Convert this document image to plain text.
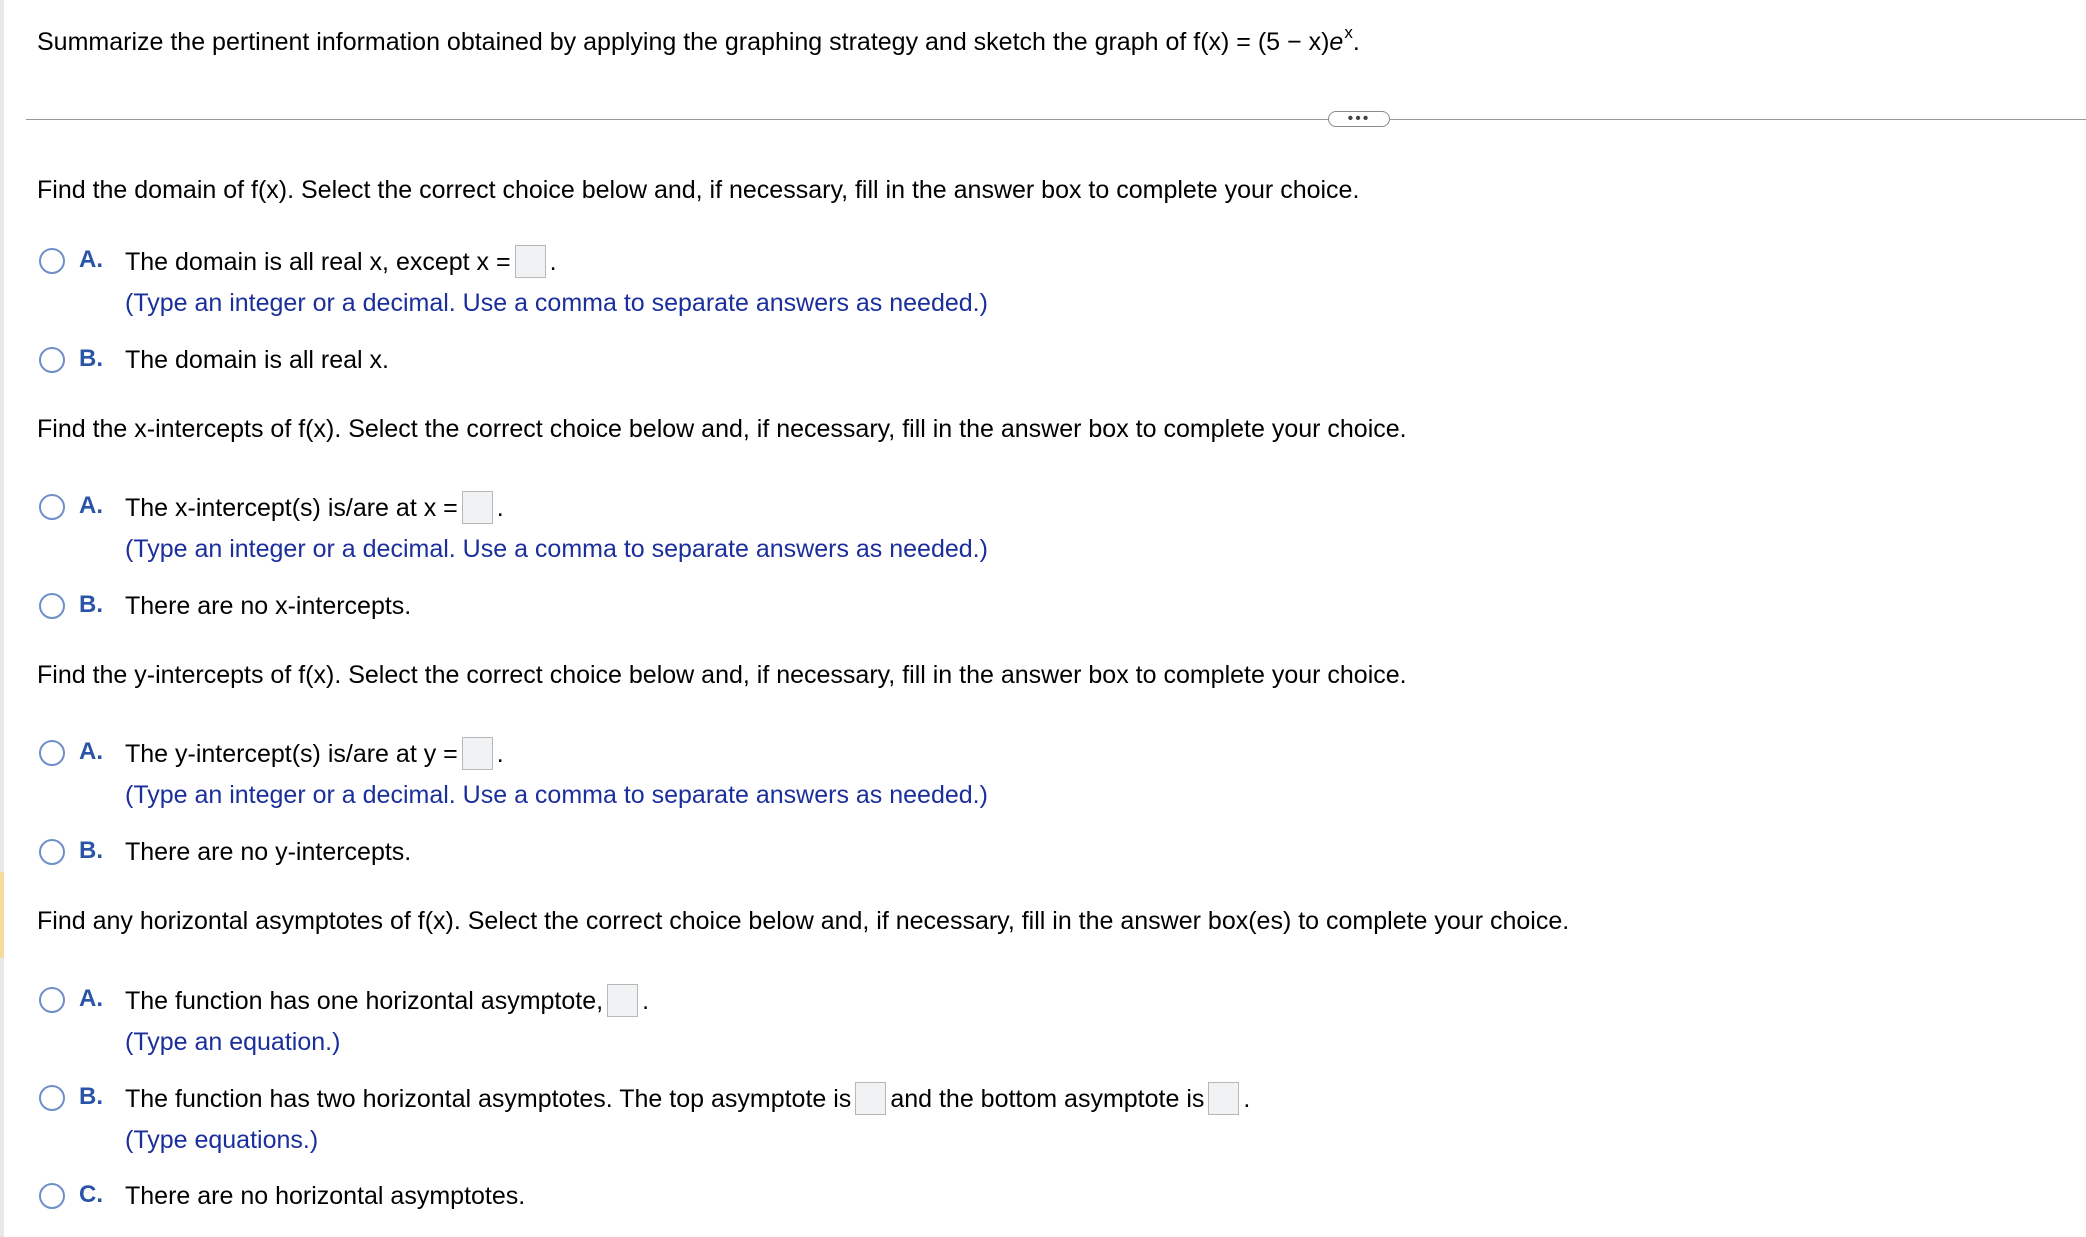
Summarize the pertinent information obtained by applying the graphing strategy and sketch the graph of $f(x) = (5 - x)e^x$.
•••
Find the domain of f(x). Select the correct choice below and, if necessary, fill in the answer box to complete your choice.
A. The domain is all real x, except x = .
(Type an integer or a decimal. Use a comma to separate answers as needed.)
B. The domain is all real x.
Find the x-intercepts of f(x). Select the correct choice below and, if necessary, fill in the answer box to complete your choice.
A. The x-intercept(s) is/are at x = .
(Type an integer or a decimal. Use a comma to separate answers as needed.)
B. There are no x-intercepts.
Find the y-intercepts of f(x). Select the correct choice below and, if necessary, fill in the answer box to complete your choice.
A. The y-intercept(s) is/are at y = .
(Type an integer or a decimal. Use a comma to separate answers as needed.)
B. There are no y-intercepts.
Find any horizontal asymptotes of f(x). Select the correct choice below and, if necessary, fill in the answer box(es) to complete your choice.
A. The function has one horizontal asymptote, .
(Type an equation.)
B. The function has two horizontal asymptotes. The top asymptote is and the bottom asymptote is .
(Type equations.)
C. There are no horizontal asymptotes.
